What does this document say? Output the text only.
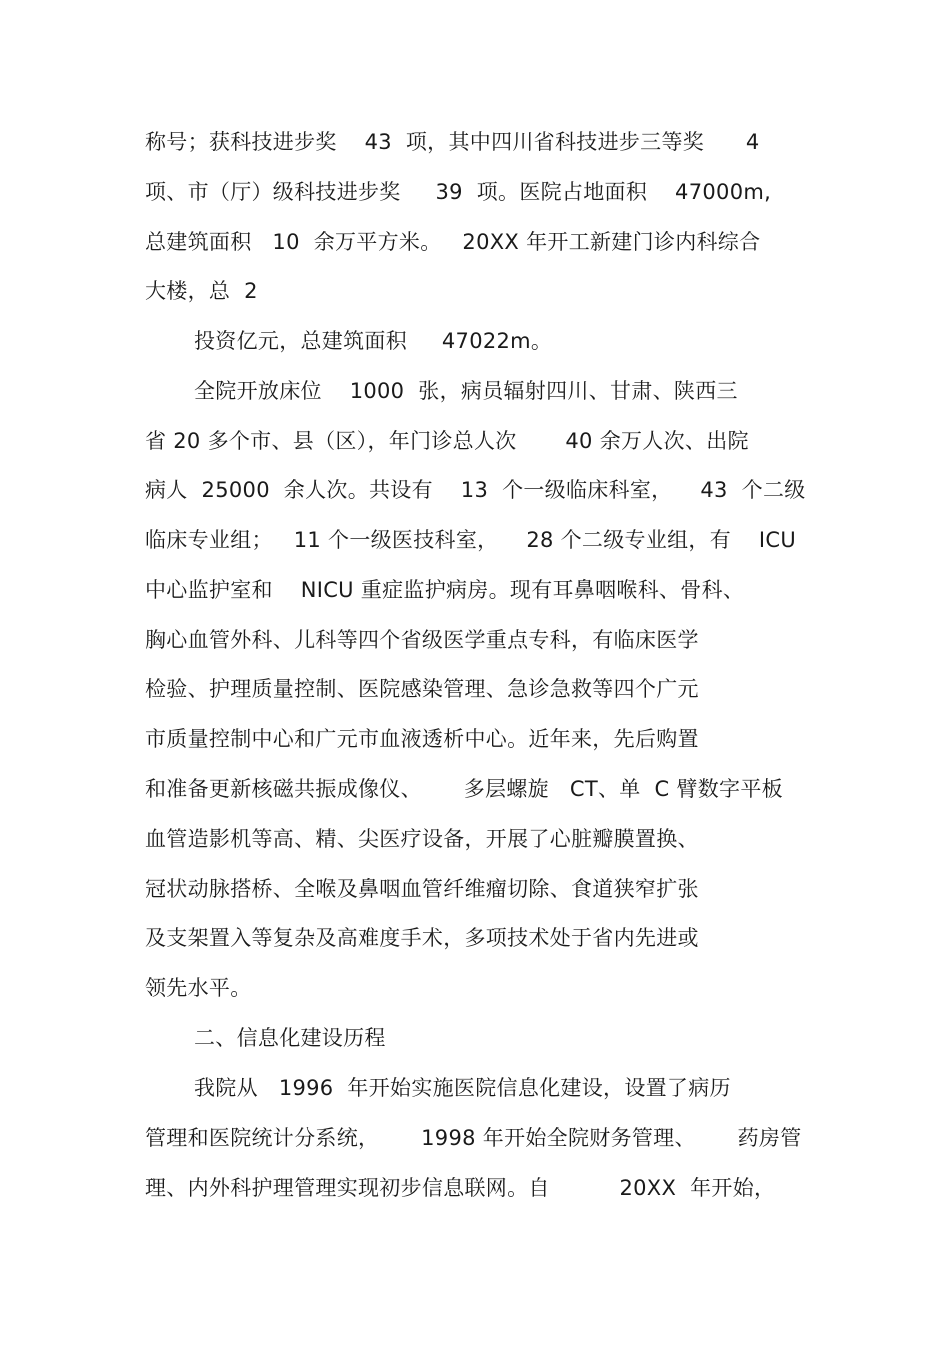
称号；获科技进步奖    43  项，其中四川省科技进步三等奖      4
项、市（厅）级科技进步奖     39  项。医院占地面积    47000m,
总建筑面积   10  余万平方米。   20XX 年开工新建门诊内科综合
大楼，总  2
投资亿元，总建筑面积     47022m。
全院开放床位    1000  张，病员辐射四川、甘肃、陕西三
省 20 多个市、县（区），年门诊总人次       40 余万人次、出院
病人  25000  余人次。共设有    13  个一级临床科室，    43  个二级
临床专业组；   11 个一级医技科室，    28 个二级专业组，有    ICU
中心监护室和    NICU 重症监护病房。现有耳鼻咽喉科、骨科、
胸心血管外科、儿科等四个省级医学重点专科，有临床医学
检验、护理质量控制、医院感染管理、急诊急救等四个广元
市质量控制中心和广元市血液透析中心。近年来，先后购置
和准备更新核磁共振成像仪、      多层螺旋   CT、单  C 臂数字平板
血管造影机等高、精、尖医疗设备，开展了心脏瓣膜置换、
冠状动脉搭桥、全喉及鼻咽血管纤维瘤切除、食道狭窄扩张
及支架置入等复杂及高难度手术，多项技术处于省内先进或
领先水平。
二、信息化建设历程
我院从   1996  年开始实施医院信息化建设，设置了病历
管理和医院统计分系统，      1998 年开始全院财务管理、      药房管
理、内外科护理管理实现初步信息联网。自          20XX  年开始，
